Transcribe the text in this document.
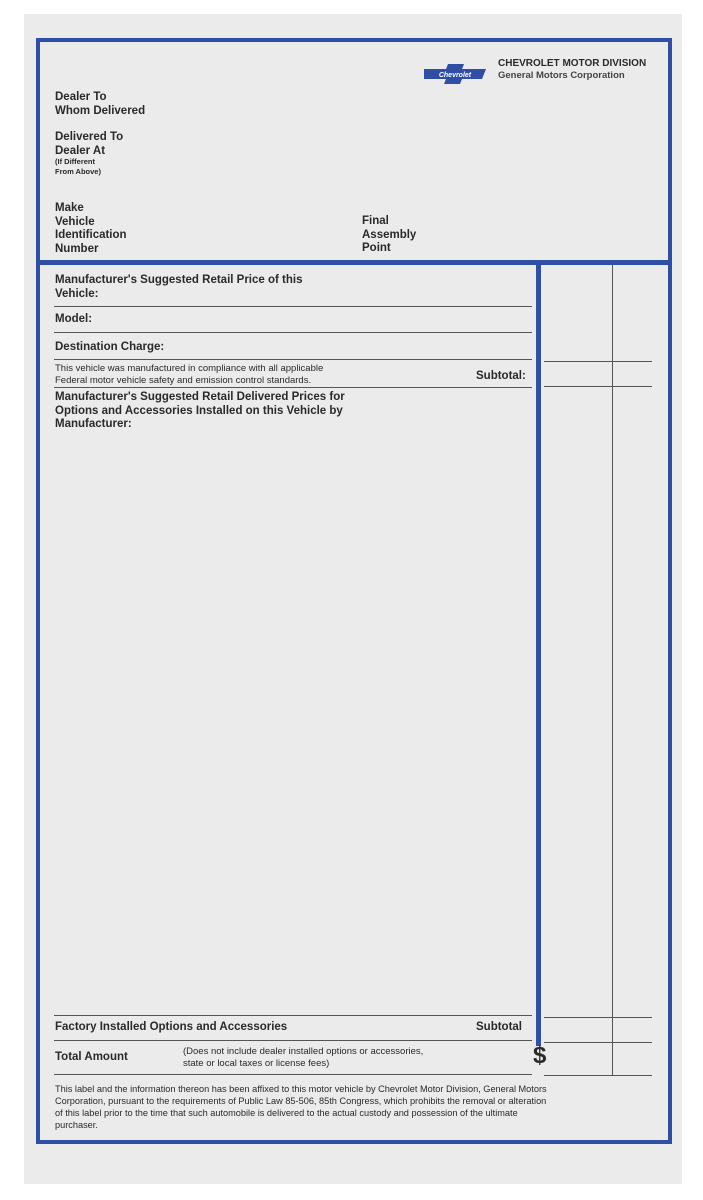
Chevrolet
CHEVROLET MOTOR DIVISION
General Motors Corporation
Dealer To
Whom Delivered
Delivered To
Dealer At
(If Different
From Above)
Make
Vehicle
Identification
Number
Final
Assembly
Point
Manufacturer's Suggested Retail Price of this
Vehicle:
Model:
Destination Charge:
This vehicle was manufactured in compliance with all applicable
Federal motor vehicle safety and emission control standards.	Subtotal:
Manufacturer's Suggested Retail Delivered Prices for
Options and Accessories Installed on this Vehicle by
Manufacturer:
Factory Installed Options and Accessories	Subtotal
Total Amount	(Does not include dealer installed options or accessories,
state or local taxes or license fees)	$
This label and the information thereon has been affixed to this motor vehicle by Chevrolet Motor Division, General Motors
Corporation, pursuant to the requirements of Public Law 85-506, 85th Congress, which prohibits the removal or alteration
of this label prior to the time that such automobile is delivered to the actual custody and possession of the ultimate
purchaser.
